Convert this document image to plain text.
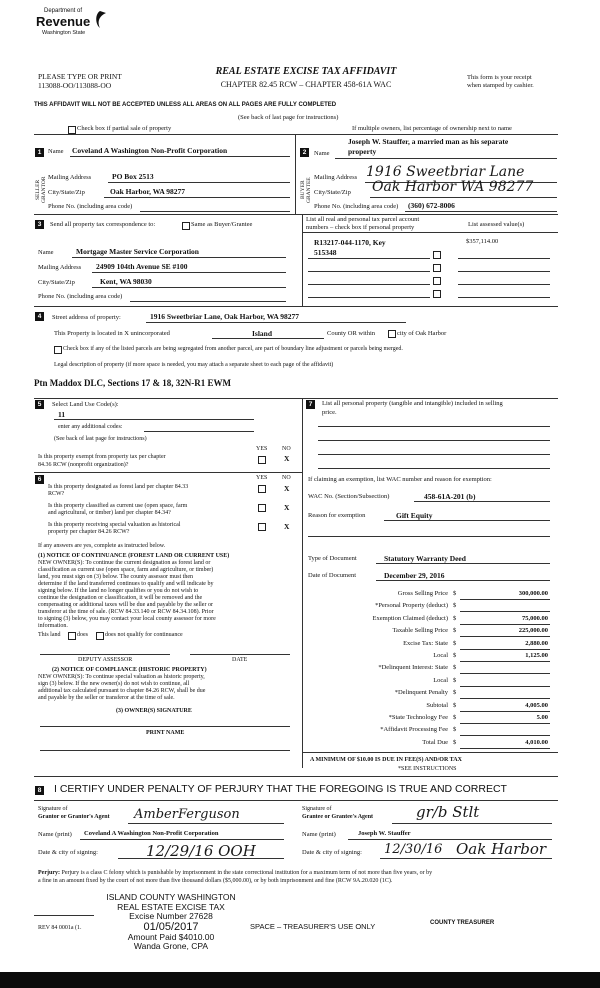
Department of
Revenue
Washington State
PLEASE TYPE OR PRINT
113088-OO/113088-OO
REAL ESTATE EXCISE TAX AFFIDAVIT
CHAPTER 82.45 RCW – CHAPTER 458-61A WAC
This form is your receipt
when stamped by cashier.
THIS AFFIDAVIT WILL NOT BE ACCEPTED UNLESS ALL AREAS ON ALL PAGES ARE FULLY COMPLETED
(See back of last page for instructions)
Check box if partial sale of property	If multiple owners, list percentage of ownership next to name
1
SELLER GRANTOR
Name Coveland A Washington Non-Profit Corporation
Mailing Address	PO Box 2513
City/State/Zip	Oak Harbor, WA 98277
Phone No. (including area code)
2
BUYER GRANTEE
Joseph W. Stauffer, a married man as his separate
Name property
Mailing Address 1916 Sweetbriar Lane
City/State/Zip Oak Harbor WA 98277
Phone No. (including area code) (360) 672-8006
3	Send all property tax correspondence to:	Same as Buyer/Grantee
Name	Mortgage Master Service Corporation
Mailing Address 24909 104th Avenue SE #100
City/State/Zip	Kent, WA 98030
Phone No. (including area code)
List all real and personal tax parcel account
numbers – check box if personal property	List assessed value(s)
R13217-044-1170, Key
515348
$357,114.00
4	Street address of property:	1916 Sweetbriar Lane, Oak Harbor, WA 98277
This Property is located in X unincorporated	Island	County OR within	city of Oak Harbor
Check box if any of the listed parcels are being segregated from another parcel, are part of boundary line adjustment or parcels being merged.
Legal description of property (if more space is needed, you may attach a separate sheet to each page of the affidavit)
Ptn Maddox DLC, Sections 17 & 18, 32N-R1 EWM
5	Select Land Use Code(s):
11
enter any additional codes:
(See back of last page for instructions)
YES NO
Is this property exempt from property tax per chapter
84.36 RCW (nonprofit organization)?
X
6	YES NO
Is this property designated as forest land per chapter 84.33
RCW?
X
Is this property classified as current use (open space, farm
and agricultural, or timber) land per chapter 84.34?
X
Is this property receiving special valuation as historical
property per chapter 84.26 RCW?
X
If any answers are yes, complete as instructed below.
(1) NOTICE OF CONTINUANCE (FOREST LAND OR CURRENT USE)
NEW OWNER(S): To continue the current designation as forest land or
classification as current use (open space, farm and agriculture, or timber)
land, you must sign on (3) below. The county assessor must then
determine if the land transferred continues to qualify and will indicate by
signing below. If the land no longer qualifies or you do not wish to
continue the designation or classification, it will be removed and the
compensating or additional taxes will be due and payable by the seller or
transferor at the time of sale. (RCW 84.33.140 or RCW 84.34.108). Prior
to signing (3) below, you may contact your local county assessor for more
information.
This land	does	does not qualify for continuance
DEPUTY ASSESSOR	DATE
(2) NOTICE OF COMPLIANCE (HISTORIC PROPERTY)
NEW OWNER(S): To continue special valuation as historic property,
sign (3) below. If the new owner(s) do not wish to continue, all
additional tax calculated pursuant to chapter 84.26 RCW, shall be due
and payable by the seller or transferor at the time of sale.
(3) OWNER(S) SIGNATURE
PRINT NAME
7	List all personal property (tangible and intangible) included in selling
price.
If claiming an exemption, list WAC number and reason for exemption:
WAC No. (Section/Subsection)	458-61A-201 (b)
Reason for exemption	Gift Equity
Type of Document	Statutory Warranty Deed
Date of Document	December 29, 2016
Gross Selling Price $	300,000.00
*Personal Property (deduct) $
Exemption Claimed (deduct) $	75,000.00
Taxable Selling Price $	225,000.00
Excise Tax: State $	2,880.00
Local $	1,125.00
*Delinquent Interest: State $
Local $
*Delinquent Penalty $
Subtotal $	4,005.00
*State Technology Fee $	5.00
*Affidavit Processing Fee $
Total Due $	4,010.00
A MINIMUM OF $10.00 IS DUE IN FEE(S) AND/OR TAX
*SEE INSTRUCTIONS
8 I CERTIFY UNDER PENALTY OF PERJURY THAT THE FOREGOING IS TRUE AND CORRECT
Signature of
Grantor or Grantor's Agent AmberFerguson
Name (print) Coveland A Washington Non-Profit Corporation
Date & city of signing:	12/29/16 OOH
Signature of
Grantee or Grantee's Agent	gr/b Stlt
Name (print)	Joseph W. Stauffer
Date & city of signing: 12/30/16 Oak Harbor
Perjury: Perjury is a class C felony which is punishable by imprisonment in the state correctional institution for a maximum term of not more than five years, or by
a fine in an amount fixed by the court of not more than five thousand dollars ($5,000.00), or by both imprisonment and fine (RCW 9A.20.020 (1C).
ISLAND COUNTY WASHINGTON
REAL ESTATE EXCISE TAX
Excise Number 27628
01/05/2017
Amount Paid $4010.00
Wanda Grone, CPA
REV 84 0001a (1.	SPACE – TREASURER'S USE ONLY	COUNTY TREASURER
